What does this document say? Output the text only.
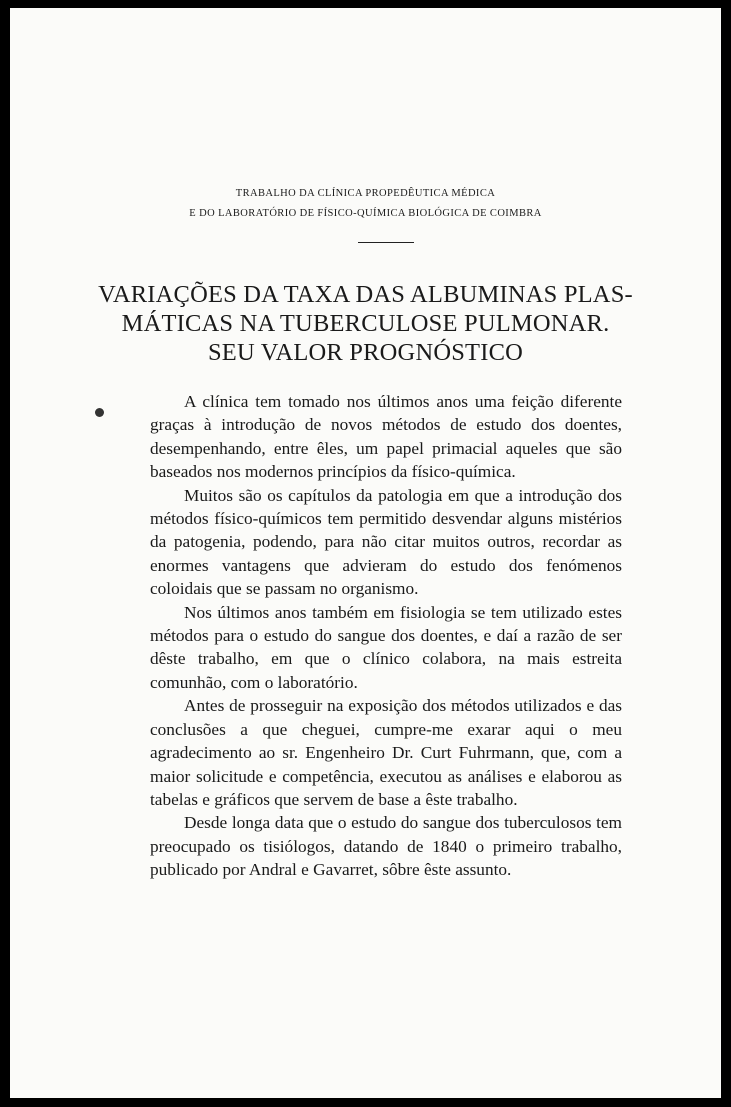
TRABALHO DA CLÍNICA PROPEDÊUTICA MÉDICA
E DO LABORATÓRIO DE FÍSICO-QUÍMICA BIOLÓGICA DE COIMBRA
VARIAÇÕES DA TAXA DAS ALBUMINAS PLAS-
MÁTICAS NA TUBERCULOSE PULMONAR.
SEU VALOR PROGNÓSTICO

A clínica tem tomado nos últimos anos uma feição diferente graças à introdução de novos métodos de estudo dos doentes, desempenhando, entre êles, um papel primacial aqueles que são baseados nos modernos princípios da físico-química.

Muitos são os capítulos da patologia em que a introdução dos métodos físico-químicos tem permitido desvendar alguns mistérios da patogenia, podendo, para não citar muitos outros, recordar as enormes vantagens que advieram do estudo dos fenómenos coloidais que se passam no organismo.

Nos últimos anos também em fisiologia se tem utilizado estes métodos para o estudo do sangue dos doentes, e daí a razão de ser dêste trabalho, em que o clínico colabora, na mais estreita comunhão, com o laboratório.

Antes de prosseguir na exposição dos métodos utilizados e das conclusões a que cheguei, cumpre-me exarar aqui o meu agradecimento ao sr. Engenheiro Dr. Curt Fuhrmann, que, com a maior solicitude e competência, executou as análises e elaborou as tabelas e gráficos que servem de base a êste trabalho.

Desde longa data que o estudo do sangue dos tuberculosos tem preocupado os tisiólogos, datando de 1840 o primeiro trabalho, publicado por Andral e Gavarret, sôbre êste assunto.
